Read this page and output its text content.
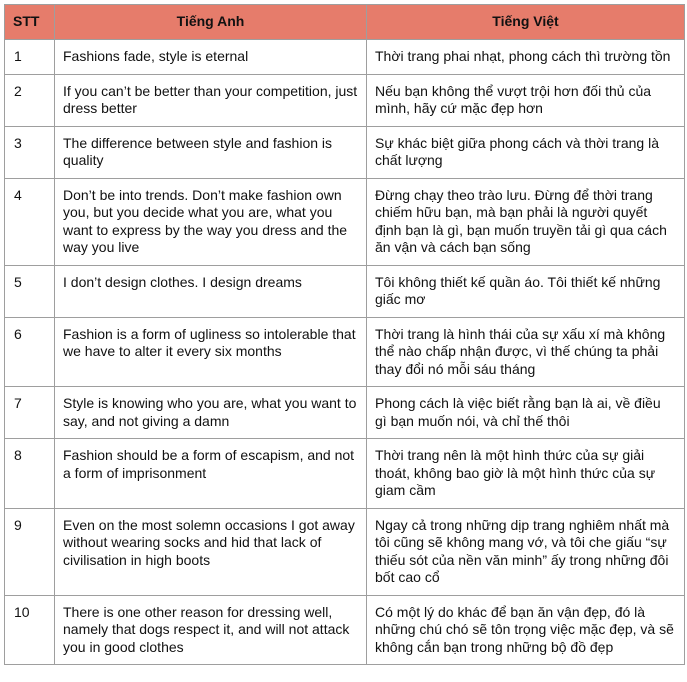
STT	Tiếng Anh	Tiếng Việt
1	Fashions fade, style is eternal	Thời trang phai nhạt, phong cách thì trường tồn
2	If you can’t be better than your competition, just dress better	Nếu bạn không thể vượt trội hơn đối thủ của mình, hãy cứ mặc đẹp hơn
3	The difference between style and fashion is quality	Sự khác biệt giữa phong cách và thời trang là chất lượng
4	Don’t be into trends. Don’t make fashion own you, but you decide what you are, what you want to express by the way you dress and the way you live	Đừng chạy theo trào lưu. Đừng để thời trang chiếm hữu bạn, mà bạn phải là người quyết định bạn là gì, bạn muốn truyền tải gì qua cách ăn vận và cách bạn sống
5	I don’t design clothes. I design dreams	Tôi không thiết kế quần áo. Tôi thiết kế những giấc mơ
6	Fashion is a form of ugliness so intolerable that we have to alter it every six months	Thời trang là hình thái của sự xấu xí mà không thể nào chấp nhận được, vì thế chúng ta phải thay đổi nó mỗi sáu tháng
7	Style is knowing who you are, what you want to say, and not giving a damn	Phong cách là việc biết rằng bạn là ai, về điều gì bạn muốn nói, và chỉ thế thôi
8	Fashion should be a form of escapism, and not a form of imprisonment	Thời trang nên là một hình thức của sự giải thoát, không bao giờ là một hình thức của sự giam cầm
9	Even on the most solemn occasions I got away without wearing socks and hid that lack of civilisation in high boots	Ngay cả trong những dịp trang nghiêm nhất mà tôi cũng sẽ không mang vớ, và tôi che giấu “sự thiếu sót của nền văn minh” ấy trong những đôi bốt cao cổ
10	There is one other reason for dressing well, namely that dogs respect it, and will not attack you in good clothes	Có một lý do khác để bạn ăn vận đẹp, đó là những chú chó sẽ tôn trọng việc mặc đẹp, và sẽ không cắn bạn trong những bộ đồ đẹp
